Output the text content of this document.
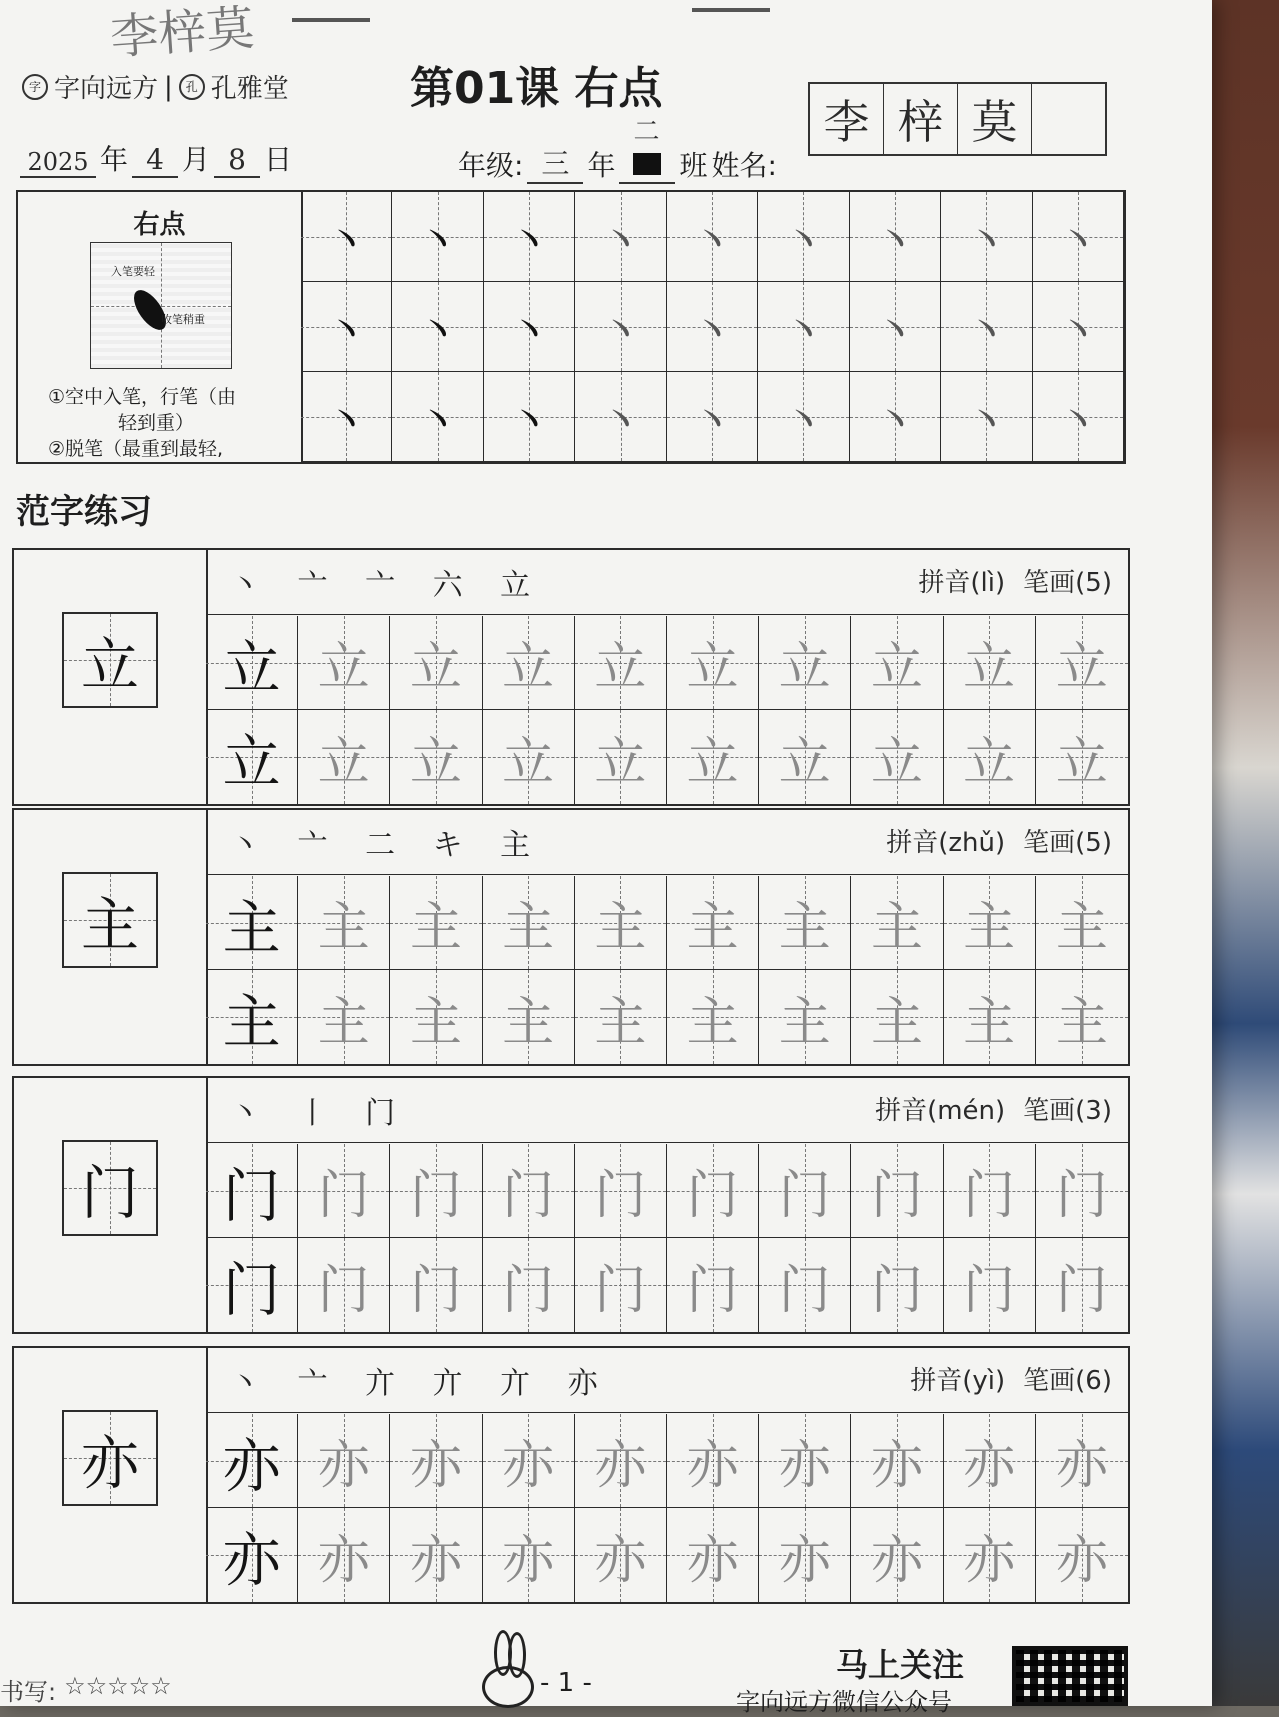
李梓莫
字 字向远方 |	孔 孔雅堂	第01课 右点
2025 年 4 月 8 日	年级: 三 年
二
班 姓名:
李 梓 莫
右点
入笔要轻
收笔稍重
①空中入笔，行笔（由
轻到重）
②脱笔（最重到最轻,
丶	丶	丶	丶	丶	丶	丶	丶	丶
丶	丶	丶	丶	丶	丶	丶	丶	丶
丶	丶	丶	丶	丶	丶	丶	丶	丶
范字练习
立
丶 亠 亠 六 立	拼音(lì) 笔画(5)
立 立 立 立 立 立 立 立 立 立
立 立 立 立 立 立 立 立 立 立
主
丶 亠 二 キ 主	拼音(zhǔ) 笔画(5)
主 主 主 主 主 主 主 主 主 主
主 主 主 主 主 主 主 主 主 主
门
丶 丨 门	拼音(mén) 笔画(3)
门 门 门 门 门 门 门 门 门 门
门 门 门 门 门 门 门 门 门 门
亦
丶 亠 亣 亣 亣 亦	拼音(yì) 笔画(6)
亦 亦 亦 亦 亦 亦 亦 亦 亦 亦
亦 亦 亦 亦 亦 亦 亦 亦 亦 亦
书写: ☆☆☆☆☆	- 1 -	马上关注
字向远方微信公众号
